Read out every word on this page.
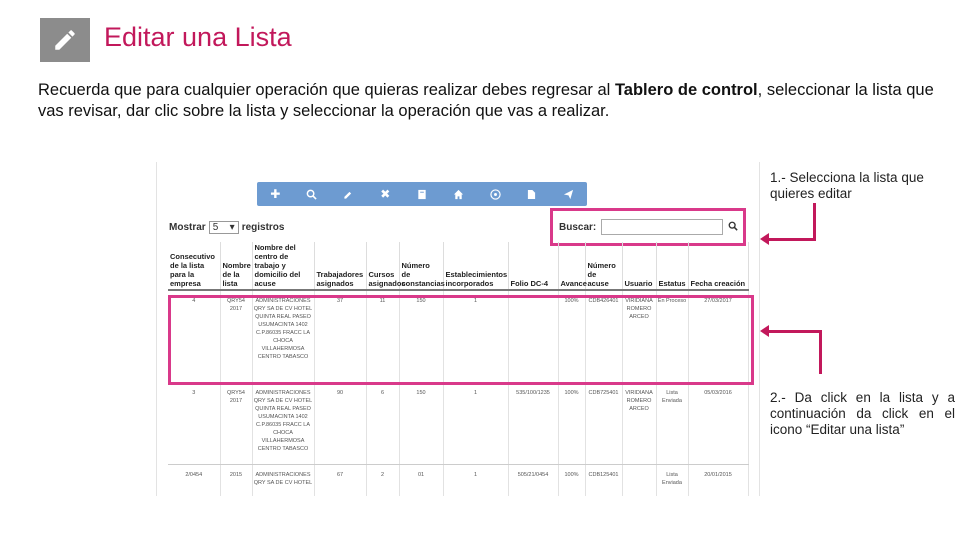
Editar una Lista
Recuerda que para cualquier operación que quieras realizar debes regresar al Tablero de control, seleccionar la lista que vas revisar, dar clic sobre la lista y seleccionar la operación que vas a realizar.
✚	✖
Mostrar 5 ▾ registros	Buscar:
Consecutivo de la lista para la empresa	Nombre de la lista	Nombre del centro de trabajo y domicilio del acuse	Trabajadores asignados	Cursos asignados	Número de constancias	Establecimientos incorporados	Folio DC-4	Avance	Número de acuse	Usuario	Estatus	Fecha creación
4	QRY54 2017	ADMINISTRACIONES QRY SA DE CV HOTEL QUINTA REAL PASEO USUMACINTA 1402 C.P.86035 FRACC LA CHOCA VILLAHERMOSA CENTRO TABASCO	37	11	150	1		100%	CDB426401	VIRIDIANA ROMERO ARCEO	En Proceso	27/03/2017
3	QRY54 2017	ADMINISTRACIONES QRY SA DE CV HOTEL QUINTA REAL PASEO USUMACINTA 1402 C.P.86035 FRACC LA CHOCA VILLAHERMOSA CENTRO TABASCO	90	6	150	1	535/100/1235	100%	CDB725401	VIRIDIANA ROMERO ARCEO	Lista Enviada	05/03/2016
2/0454	2015	ADMINISTRACIONES QRY SA DE CV HOTEL	67	2	01	1	505/21/0454	100%	CDB125401		Lista Enviada	20/01/2015
1.- Selecciona la lista que quieres editar
2.- Da click en la lista y a continuación da click en el icono “Editar una lista”
